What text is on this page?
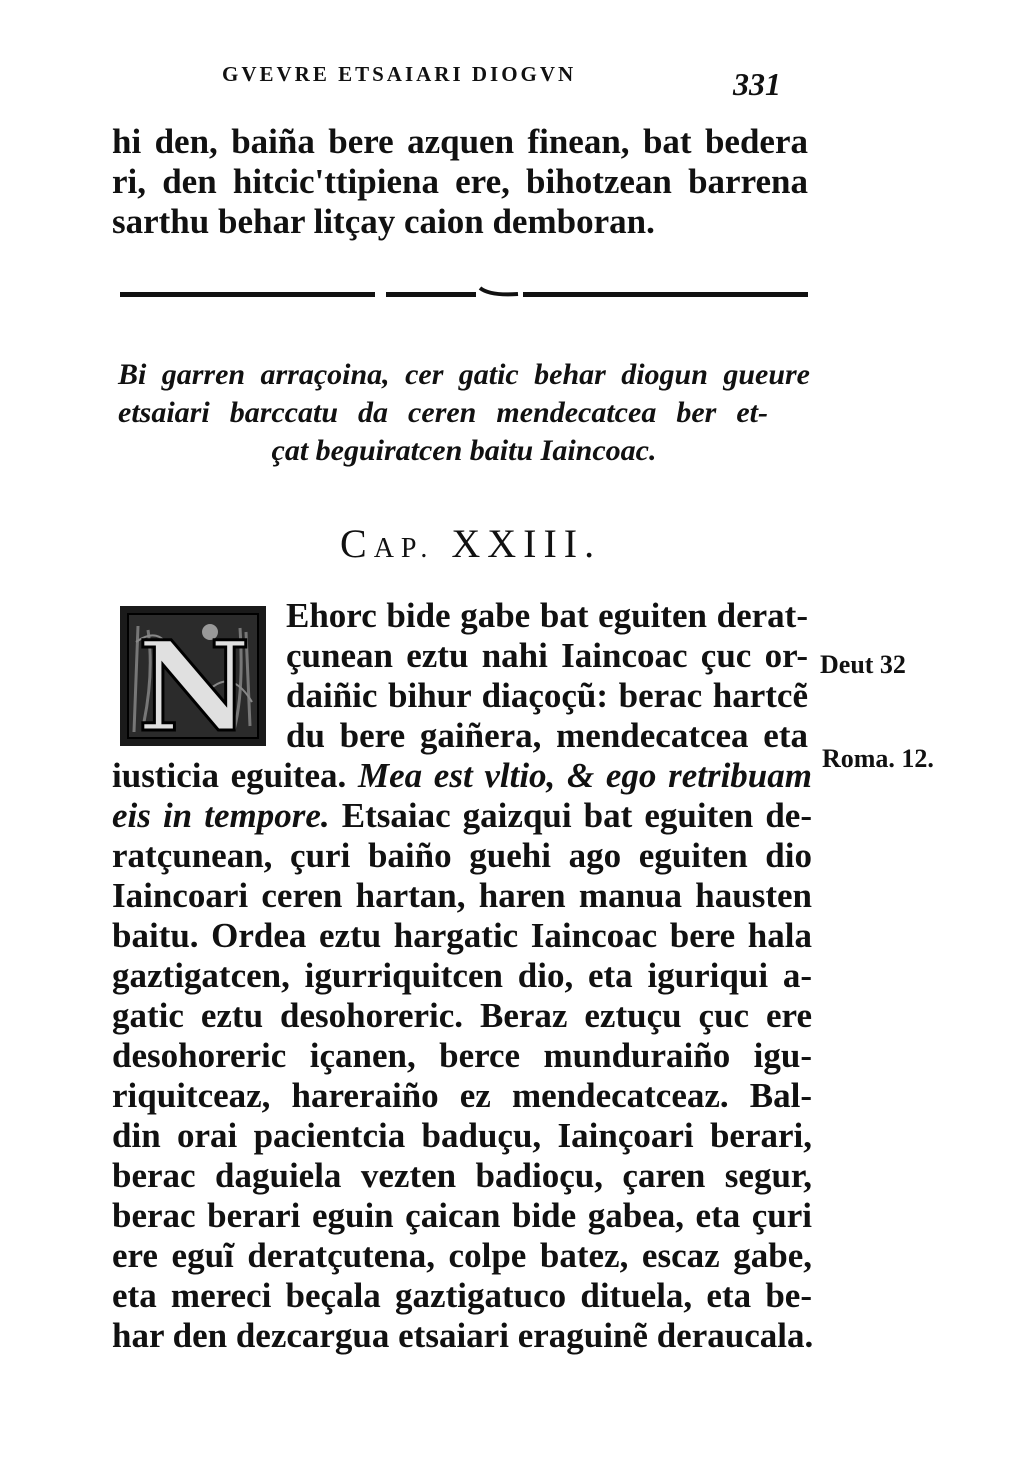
GVEVRE ETSAIARI DIOGVN	331
hi den, baiña bere azquen finean, bat bedera
ri, den hitcic'ttipiena ere, bihotzean barrena
sarthu behar litçay caion demboran.
Bi garren arraçoina, cer gatic behar diogun gueure
etsaiari barccatu da ceren mendecatcea ber et-
çat beguiratcen baitu Iaincoac.
CAP. XXIII.
N Ehorc bide gabe bat eguiten derat-
çunean eztu nahi Iaincoac çuc or-
daiñic bihur diaçoçũ: berac hartcẽ
du bere gaiñera, mendecatcea eta
iusticia eguitea. Mea est vltio, & ego retribuam
eis in tempore. Etsaiac gaizqui bat eguiten de-
ratçunean, çuri baiño guehi ago eguiten dio
Iaincoari ceren hartan, haren manua hausten
baitu. Ordea eztu hargatic Iaincoac bere hala
gaztigatcen, igurriquitcen dio, eta iguriqui a-
gatic eztu desohoreric. Beraz eztuçu çuc ere
desohoreric içanen, berce munduraiño igu-
riquitceaz, hareraiño ez mendecatceaz. Bal-
din orai pacientcia baduçu, Iainçoari berari,
berac daguiela vezten badioçu, çaren segur,
berac berari eguin çaican bide gabea, eta çuri
ere eguĩ deratçutena, colpe batez, escaz gabe,
eta mereci beçala gaztigatuco dituela, eta be-
har den dezcargua etsaiari eraguinẽ deraucala.
Deut 32
Roma. 12.
